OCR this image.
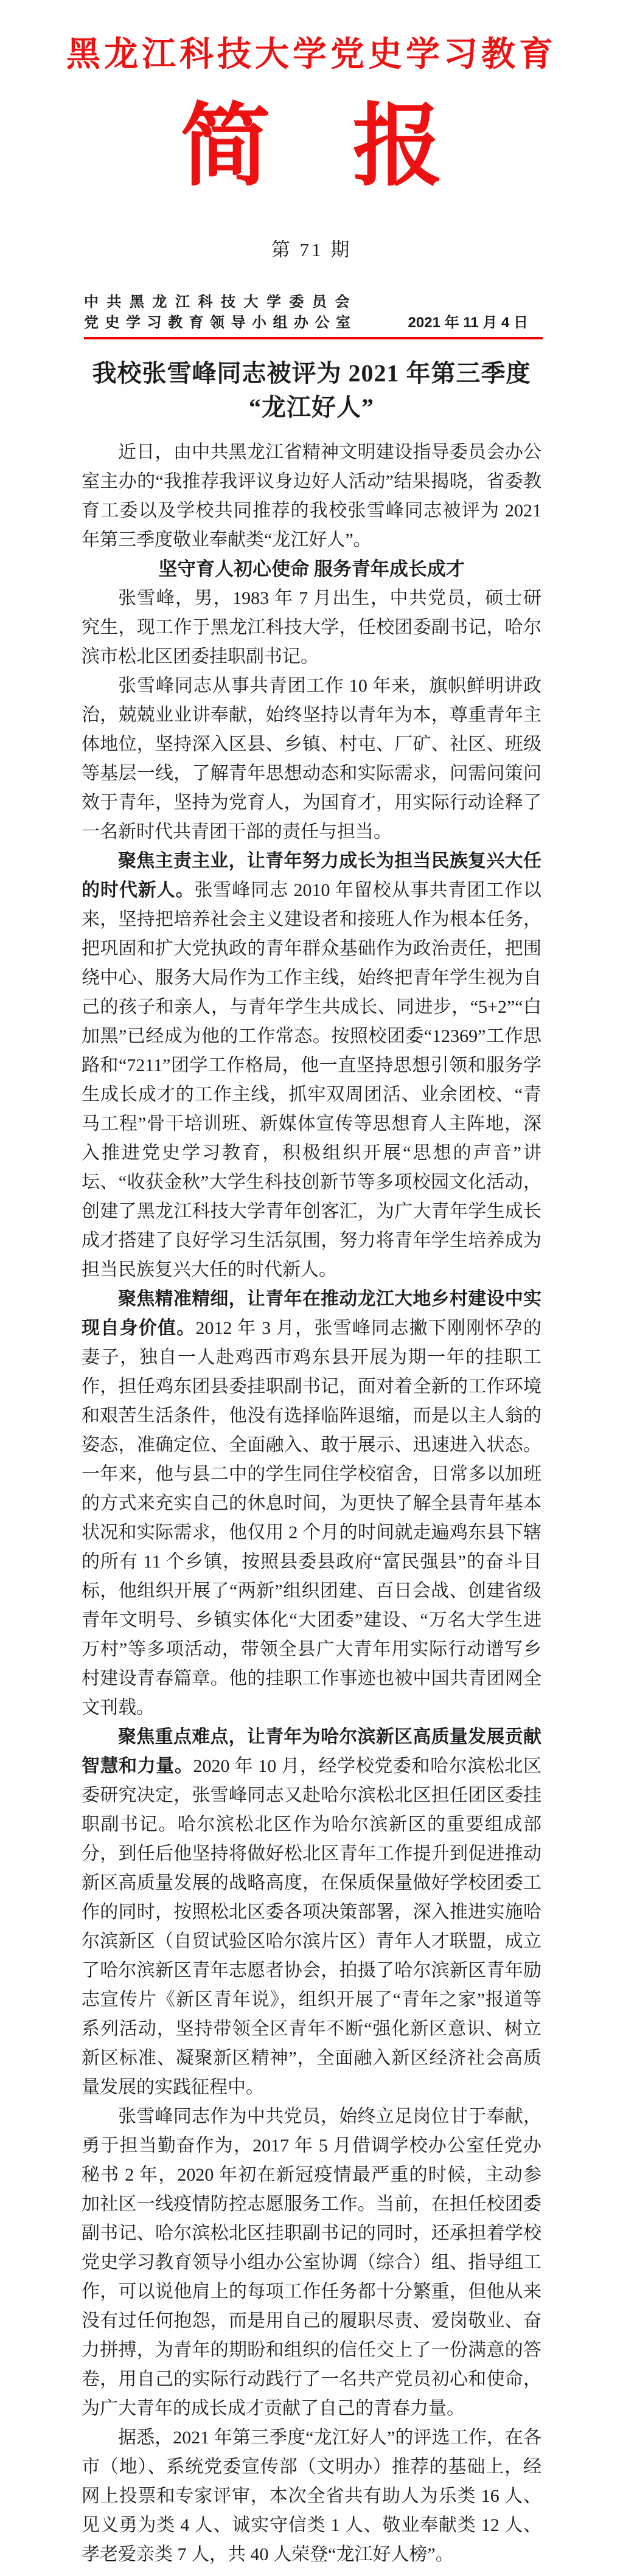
黑龙江科技大学党史学习教育
简 报
第 71 期
中共黑龙江科技大学委员会
党史学习教育领导小组办公室	2021 年 11 月 4 日
我校张雪峰同志被评为 2021 年第三季度
“龙江好人”

近日，由中共黑龙江省精神文明建设指导委员会办公室主办的“我推荐我评议身边好人活动”结果揭晓，省委教育工委以及学校共同推荐的我校张雪峰同志被评为 2021 年第三季度敬业奉献类“龙江好人”。

坚守育人初心使命 服务青年成长成才

张雪峰，男，1983 年 7 月出生，中共党员，硕士研究生，现工作于黑龙江科技大学，任校团委副书记，哈尔滨市松北区团委挂职副书记。

张雪峰同志从事共青团工作 10 年来，旗帜鲜明讲政治，兢兢业业讲奉献，始终坚持以青年为本，尊重青年主体地位，坚持深入区县、乡镇、村屯、厂矿、社区、班级等基层一线，了解青年思想动态和实际需求，问需问策问效于青年，坚持为党育人，为国育才，用实际行动诠释了一名新时代共青团干部的责任与担当。

聚焦主责主业，让青年努力成长为担当民族复兴大任的时代新人。张雪峰同志 2010 年留校从事共青团工作以来，坚持把培养社会主义建设者和接班人作为根本任务，把巩固和扩大党执政的青年群众基础作为政治责任，把围绕中心、服务大局作为工作主线，始终把青年学生视为自己的孩子和亲人，与青年学生共成长、同进步，“5+2”“白加黑”已经成为他的工作常态。按照校团委“12369”工作思路和“7211”团学工作格局，他一直坚持思想引领和服务学生成长成才的工作主线，抓牢双周团活、业余团校、“青马工程”骨干培训班、新媒体宣传等思想育人主阵地，深入推进党史学习教育，积极组织开展“思想的声音”讲坛、“收获金秋”大学生科技创新节等多项校园文化活动，创建了黑龙江科技大学青年创客汇，为广大青年学生成长成才搭建了良好学习生活氛围，努力将青年学生培养成为担当民族复兴大任的时代新人。

聚焦精准精细，让青年在推动龙江大地乡村建设中实现自身价值。2012 年 3 月，张雪峰同志撇下刚刚怀孕的妻子，独自一人赴鸡西市鸡东县开展为期一年的挂职工作，担任鸡东团县委挂职副书记，面对着全新的工作环境和艰苦生活条件，他没有选择临阵退缩，而是以主人翁的姿态，准确定位、全面融入、敢于展示、迅速进入状态。一年来，他与县二中的学生同住学校宿舍，日常多以加班的方式来充实自己的休息时间，为更快了解全县青年基本状况和实际需求，他仅用 2 个月的时间就走遍鸡东县下辖的所有 11 个乡镇，按照县委县政府“富民强县”的奋斗目标，他组织开展了“两新”组织团建、百日会战、创建省级青年文明号、乡镇实体化“大团委”建设、“万名大学生进万村”等多项活动，带领全县广大青年用实际行动谱写乡村建设青春篇章。他的挂职工作事迹也被中国共青团网全文刊载。

聚焦重点难点，让青年为哈尔滨新区高质量发展贡献智慧和力量。2020 年 10 月，经学校党委和哈尔滨松北区委研究决定，张雪峰同志又赴哈尔滨松北区担任团区委挂职副书记。哈尔滨松北区作为哈尔滨新区的重要组成部分，到任后他坚持将做好松北区青年工作提升到促进推动新区高质量发展的战略高度，在保质保量做好学校团委工作的同时，按照松北区委各项决策部署，深入推进实施哈尔滨新区（自贸试验区哈尔滨片区）青年人才联盟，成立了哈尔滨新区青年志愿者协会，拍摄了哈尔滨新区青年励志宣传片《新区青年说》，组织开展了“青年之家”报道等系列活动，坚持带领全区青年不断“强化新区意识、树立新区标准、凝聚新区精神”，全面融入新区经济社会高质量发展的实践征程中。

张雪峰同志作为中共党员，始终立足岗位甘于奉献，勇于担当勤奋作为，2017 年 5 月借调学校办公室任党办秘书 2 年，2020 年初在新冠疫情最严重的时候，主动参加社区一线疫情防控志愿服务工作。当前，在担任校团委副书记、哈尔滨松北区挂职副书记的同时，还承担着学校党史学习教育领导小组办公室协调（综合）组、指导组工作，可以说他肩上的每项工作任务都十分繁重，但他从来没有过任何抱怨，而是用自己的履职尽责、爱岗敬业、奋力拼搏，为青年的期盼和组织的信任交上了一份满意的答卷，用自己的实际行动践行了一名共产党员初心和使命，为广大青年的成长成才贡献了自己的青春力量。

据悉，2021 年第三季度“龙江好人”的评选工作，在各市（地）、系统党委宣传部（文明办）推荐的基础上，经网上投票和专家评审，本次全省共有助人为乐类 16 人、见义勇为类 4 人、诚实守信类 1 人、敬业奉献类 12 人、孝老爱亲类 7 人，共 40 人荣登“龙江好人榜”。
